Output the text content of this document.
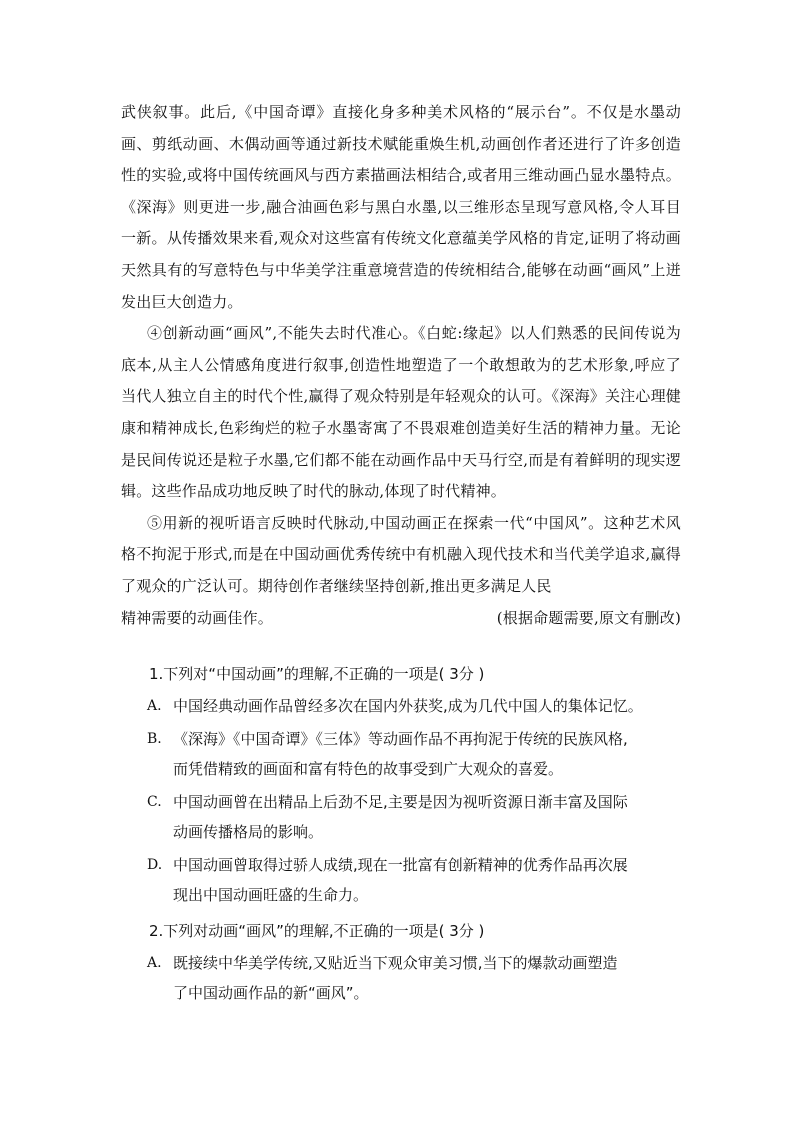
武侠叙事。此后,《中国奇谭》直接化身多种美术风格的“展示台”。不仅是水墨动画、剪纸动画、木偶动画等通过新技术赋能重焕生机,动画创作者还进行了许多创造性的实验,或将中国传统画风与西方素描画法相结合,或者用三维动画凸显水墨特点。《深海》则更进一步,融合油画色彩与黑白水墨,以三维形态呈现写意风格,令人耳目一新。从传播效果来看,观众对这些富有传统文化意蕴美学风格的肯定,证明了将动画天然具有的写意特色与中华美学注重意境营造的传统相结合,能够在动画“画风”上迸发出巨大创造力。

④创新动画“画风”,不能失去时代准心。《白蛇:缘起》以人们熟悉的民间传说为底本,从主人公情感角度进行叙事,创造性地塑造了一个敢想敢为的艺术形象,呼应了当代人独立自主的时代个性,赢得了观众特别是年轻观众的认可。《深海》关注心理健康和精神成长,色彩绚烂的粒子水墨寄寓了不畏艰难创造美好生活的精神力量。无论是民间传说还是粒子水墨,它们都不能在动画作品中天马行空,而是有着鲜明的现实逻辑。这些作品成功地反映了时代的脉动,体现了时代精神。

⑤用新的视听语言反映时代脉动,中国动画正在探索一代“中国风”。这种艺术风格不拘泥于形式,而是在中国动画优秀传统中有机融入现代技术和当代美学追求,赢得了观众的广泛认可。期待创作者继续坚持创新,推出更多满足人民

精神需要的动画佳作。	(根据命题需要,原文有删改)

1.下列对“中国动画”的理解,不正确的一项是( 3分 )
A. 中国经典动画作品曾经多次在国内外获奖,成为几代中国人的集体记忆。
B. 《深海》《中国奇谭》《三体》等动画作品不再拘泥于传统的民族风格,
而凭借精致的画面和富有特色的故事受到广大观众的喜爱。
C. 中国动画曾在出精品上后劲不足,主要是因为视听资源日渐丰富及国际
动画传播格局的影响。
D. 中国动画曾取得过骄人成绩,现在一批富有创新精神的优秀作品再次展
现出中国动画旺盛的生命力。
2.下列对动画“画风”的理解,不正确的一项是( 3分 )
A. 既接续中华美学传统,又贴近当下观众审美习惯,当下的爆款动画塑造
了中国动画作品的新“画风”。
